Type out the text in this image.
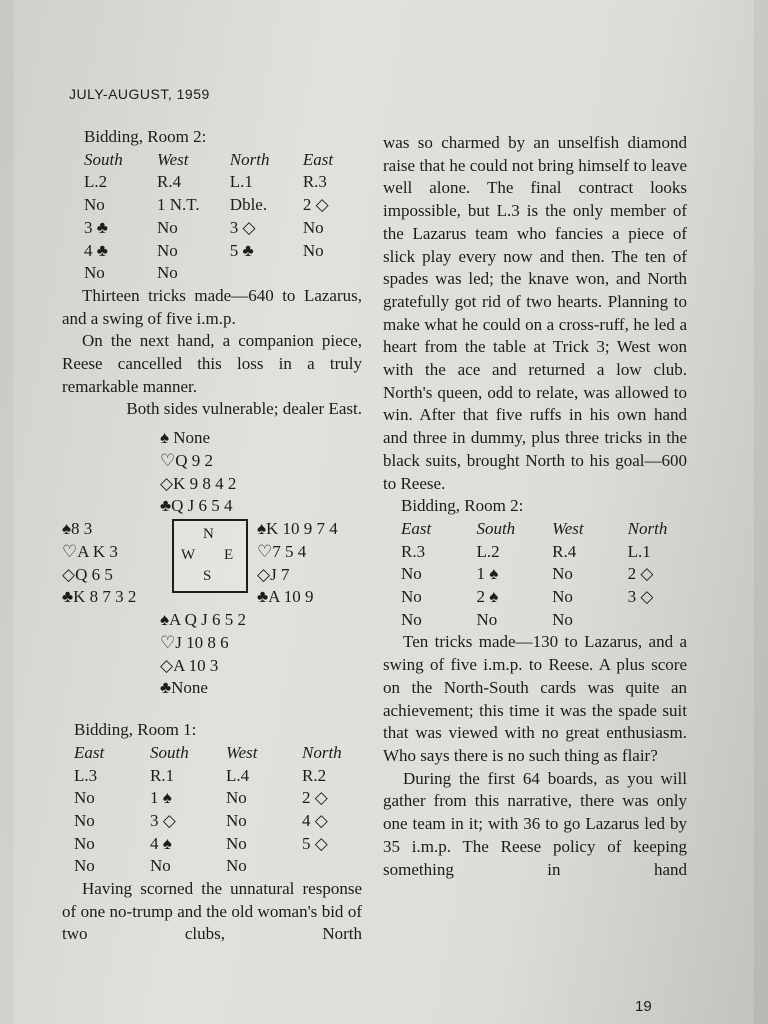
JULY-AUGUST, 1959

Bidding, Room 2:

South	West	North	East
L.2	R.4	L.1	R.3
No	1 N.T.	Dble.	2 ◇
3 ♣	No	3 ◇	No
4 ♣	No	5 ♣	No
No	No		

Thirteen tricks made—640 to Lazarus, and a swing of five i.m.p.

On the next hand, a companion piece, Reese cancelled this loss in a truly remarkable manner.

Both sides vulnerable; dealer East.

♠ None
♡Q 9 2
◇K 9 8 4 2
♣Q J 6 5 4
♠8 3
♡A K 3
◇Q 6 5
♣K 8 7 3 2
N
W E
S
♠K 10 9 7 4
♡7 5 4
◇J 7
♣A 10 9
♠A Q J 6 5 2
♡J 10 8 6
◇A 10 3
♣None

Bidding, Room 1:

East	South	West	North
L.3	R.1	L.4	R.2
No	1 ♠	No	2 ◇
No	3 ◇	No	4 ◇
No	4 ♠	No	5 ◇
No	No	No	

Having scorned the unnatural response of one no-trump and the old woman's bid of two clubs, North

was so charmed by an unselfish diamond raise that he could not bring himself to leave well alone. The final contract looks impossible, but L.3 is the only member of the Lazarus team who fancies a piece of slick play every now and then. The ten of spades was led; the knave won, and North gratefully got rid of two hearts. Planning to make what he could on a cross-ruff, he led a heart from the table at Trick 3; West won with the ace and returned a low club. North's queen, odd to relate, was allowed to win. After that five ruffs in his own hand and three in dummy, plus three tricks in the black suits, brought North to his goal—600 to Reese.

Bidding, Room 2:

East	South	West	North
R.3	L.2	R.4	L.1
No	1 ♠	No	2 ◇
No	2 ♠	No	3 ◇
No	No	No	

Ten tricks made—130 to Lazarus, and a swing of five i.m.p. to Reese. A plus score on the North-South cards was quite an achievement; this time it was the spade suit that was viewed with no great enthusiasm. Who says there is no such thing as flair?

During the first 64 boards, as you will gather from this narrative, there was only one team in it; with 36 to go Lazarus led by 35 i.m.p. The Reese policy of keeping something in hand

19
